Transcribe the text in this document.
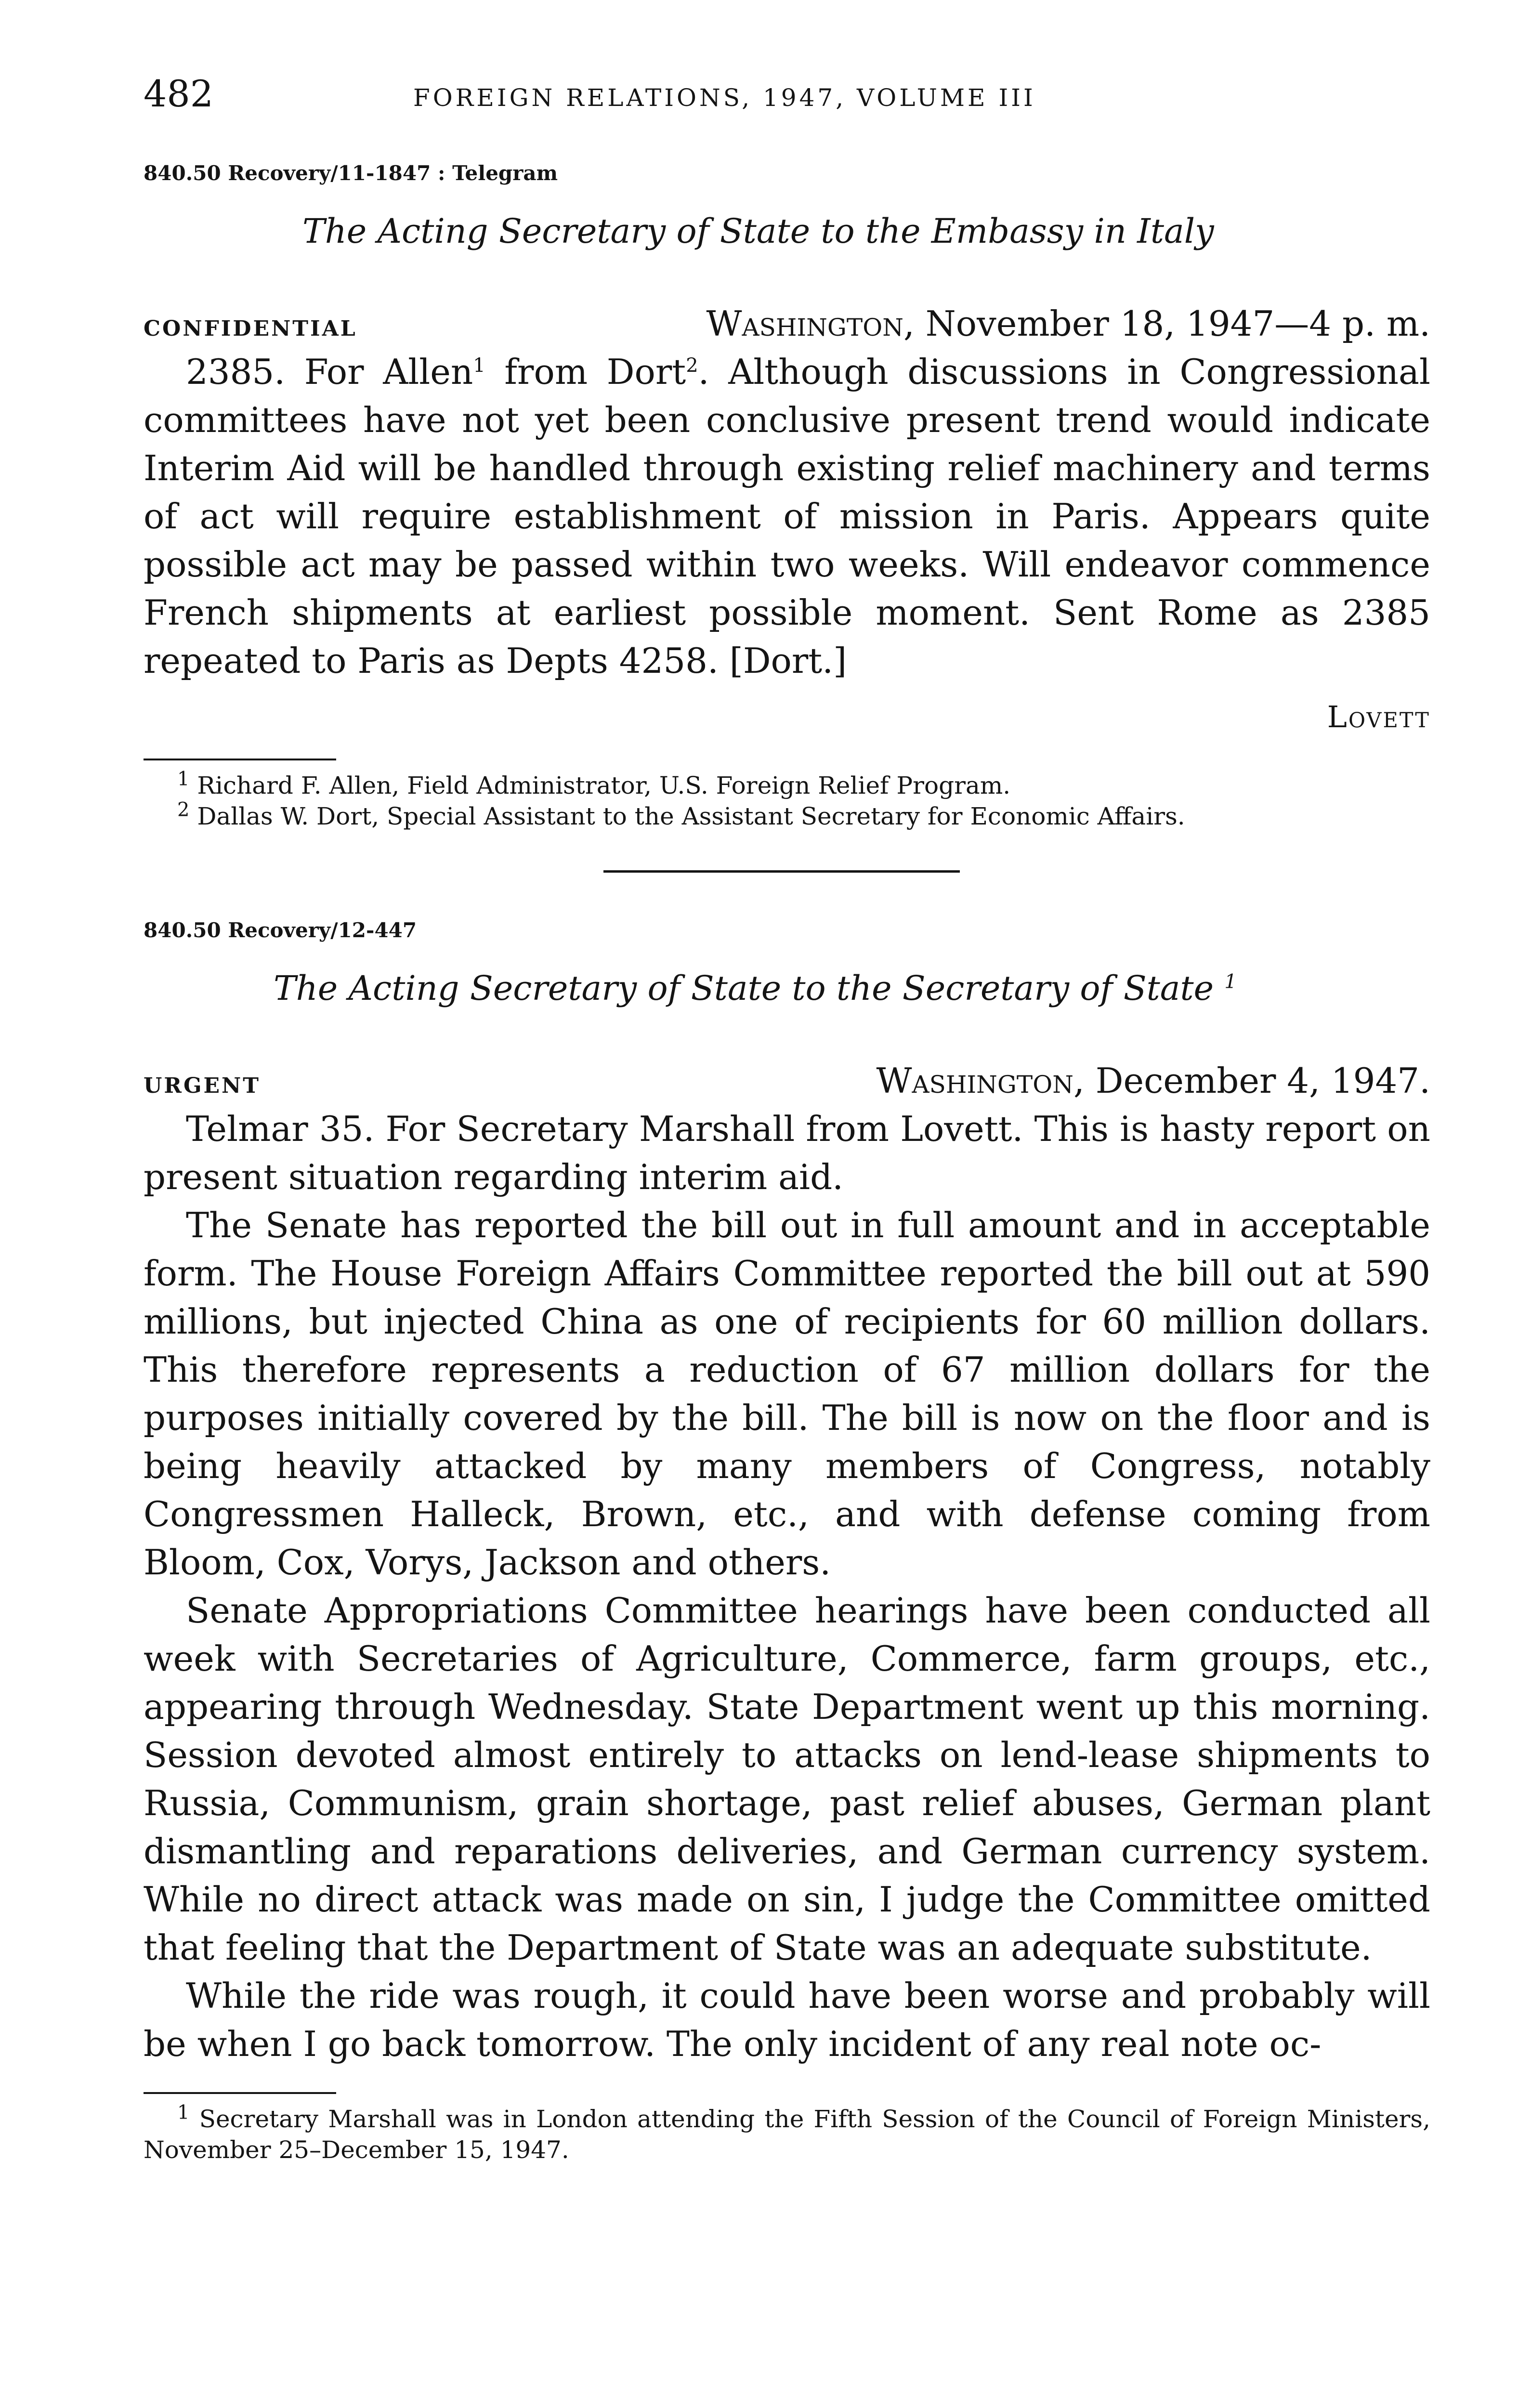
482	FOREIGN RELATIONS, 1947, VOLUME III
840.50 Recovery/11-1847 : Telegram
The Acting Secretary of State to the Embassy in Italy
CONFIDENTIAL	Washington, November 18, 1947—4 p. m.

2385. For Allen$^1$ from Dort$^2$. Although discussions in Congressional committees have not yet been conclusive present trend would indicate Interim Aid will be handled through existing relief machinery and terms of act will require establishment of mission in Paris. Appears quite possible act may be passed within two weeks. Will endeavor commence French shipments at earliest possible moment. Sent Rome as 2385 repeated to Paris as Depts 4258. [Dort.]

Lovett

$^1$ Richard F. Allen, Field Administrator, U.S. Foreign Relief Program.

$^2$ Dallas W. Dort, Special Assistant to the Assistant Secretary for Economic Affairs.

840.50 Recovery/12-447
The Acting Secretary of State to the Secretary of State $^1$
URGENT	Washington, December 4, 1947.

Telmar 35. For Secretary Marshall from Lovett. This is hasty report on present situation regarding interim aid.

The Senate has reported the bill out in full amount and in acceptable form. The House Foreign Affairs Committee reported the bill out at 590 millions, but injected China as one of recipients for 60 million dollars. This therefore represents a reduction of 67 million dollars for the purposes initially covered by the bill. The bill is now on the floor and is being heavily attacked by many members of Congress, notably Congressmen Halleck, Brown, etc., and with defense coming from Bloom, Cox, Vorys, Jackson and others.

Senate Appropriations Committee hearings have been conducted all week with Secretaries of Agriculture, Commerce, farm groups, etc., appearing through Wednesday. State Department went up this morning. Session devoted almost entirely to attacks on lend-lease shipments to Russia, Communism, grain shortage, past relief abuses, German plant dismantling and reparations deliveries, and German currency system. While no direct attack was made on sin, I judge the Committee omitted that feeling that the Department of State was an adequate substitute.

While the ride was rough, it could have been worse and probably will be when I go back tomorrow. The only incident of any real note oc-

$^1$ Secretary Marshall was in London attending the Fifth Session of the Council of Foreign Ministers, November 25–December 15, 1947.
